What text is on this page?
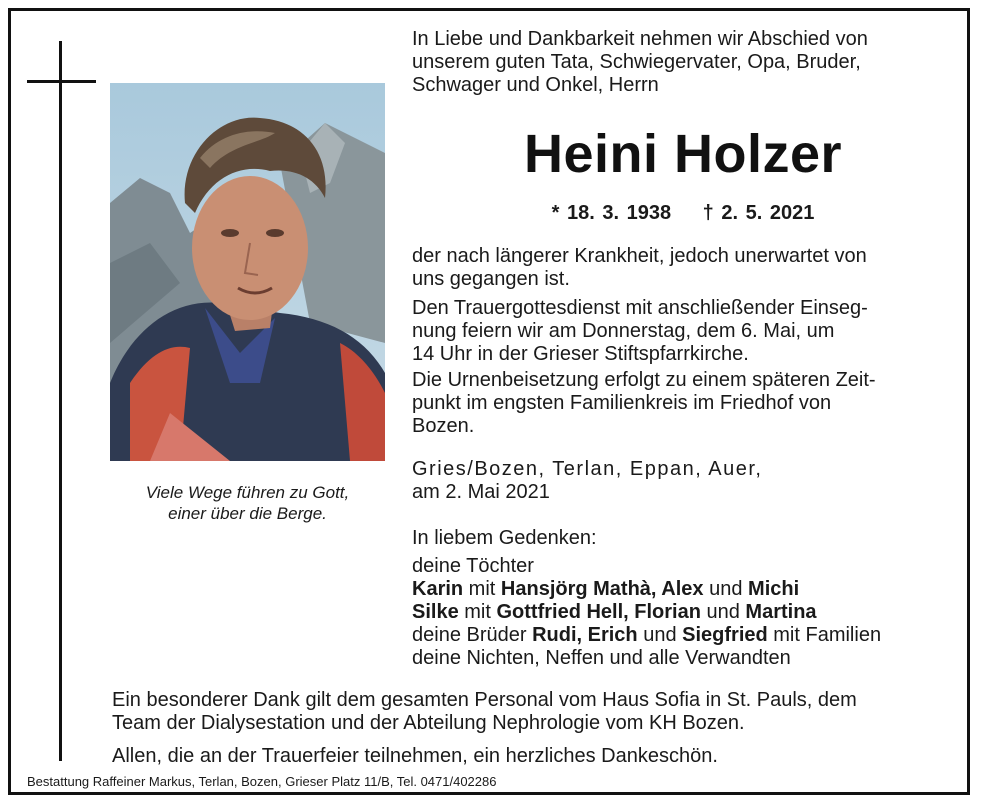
Viele Wege führen zu Gott,
einer über die Berge.
In Liebe und Dankbarkeit nehmen wir Abschied von
unserem guten Tata, Schwiegervater, Opa, Bruder,
Schwager und Onkel, Herrn
Heini Holzer
* 18. 3. 1938 † 2. 5. 2021
der nach längerer Krankheit, jedoch unerwartet von
uns gegangen ist.
Den Trauergottesdienst mit anschließender Einseg-
nung feiern wir am Donnerstag, dem 6. Mai, um
14 Uhr in der Grieser Stiftspfarrkirche.
Die Urnenbeisetzung erfolgt zu einem späteren Zeit-
punkt im engsten Familienkreis im Friedhof von
Bozen.
Gries/Bozen, Terlan, Eppan, Auer,
am 2. Mai 2021
In liebem Gedenken:
deine Töchter
Karin mit Hansjörg Mathà, Alex und Michi
Silke mit Gottfried Hell, Florian und Martina
deine Brüder Rudi, Erich und Siegfried mit Familien
deine Nichten, Neffen und alle Verwandten
Ein besonderer Dank gilt dem gesamten Personal vom Haus Sofia in St. Pauls, dem
Team der Dialysestation und der Abteilung Nephrologie vom KH Bozen.
Allen, die an der Trauerfeier teilnehmen, ein herzliches Dankeschön.
Bestattung Raffeiner Markus, Terlan, Bozen, Grieser Platz 11/B, Tel. 0471/402286
